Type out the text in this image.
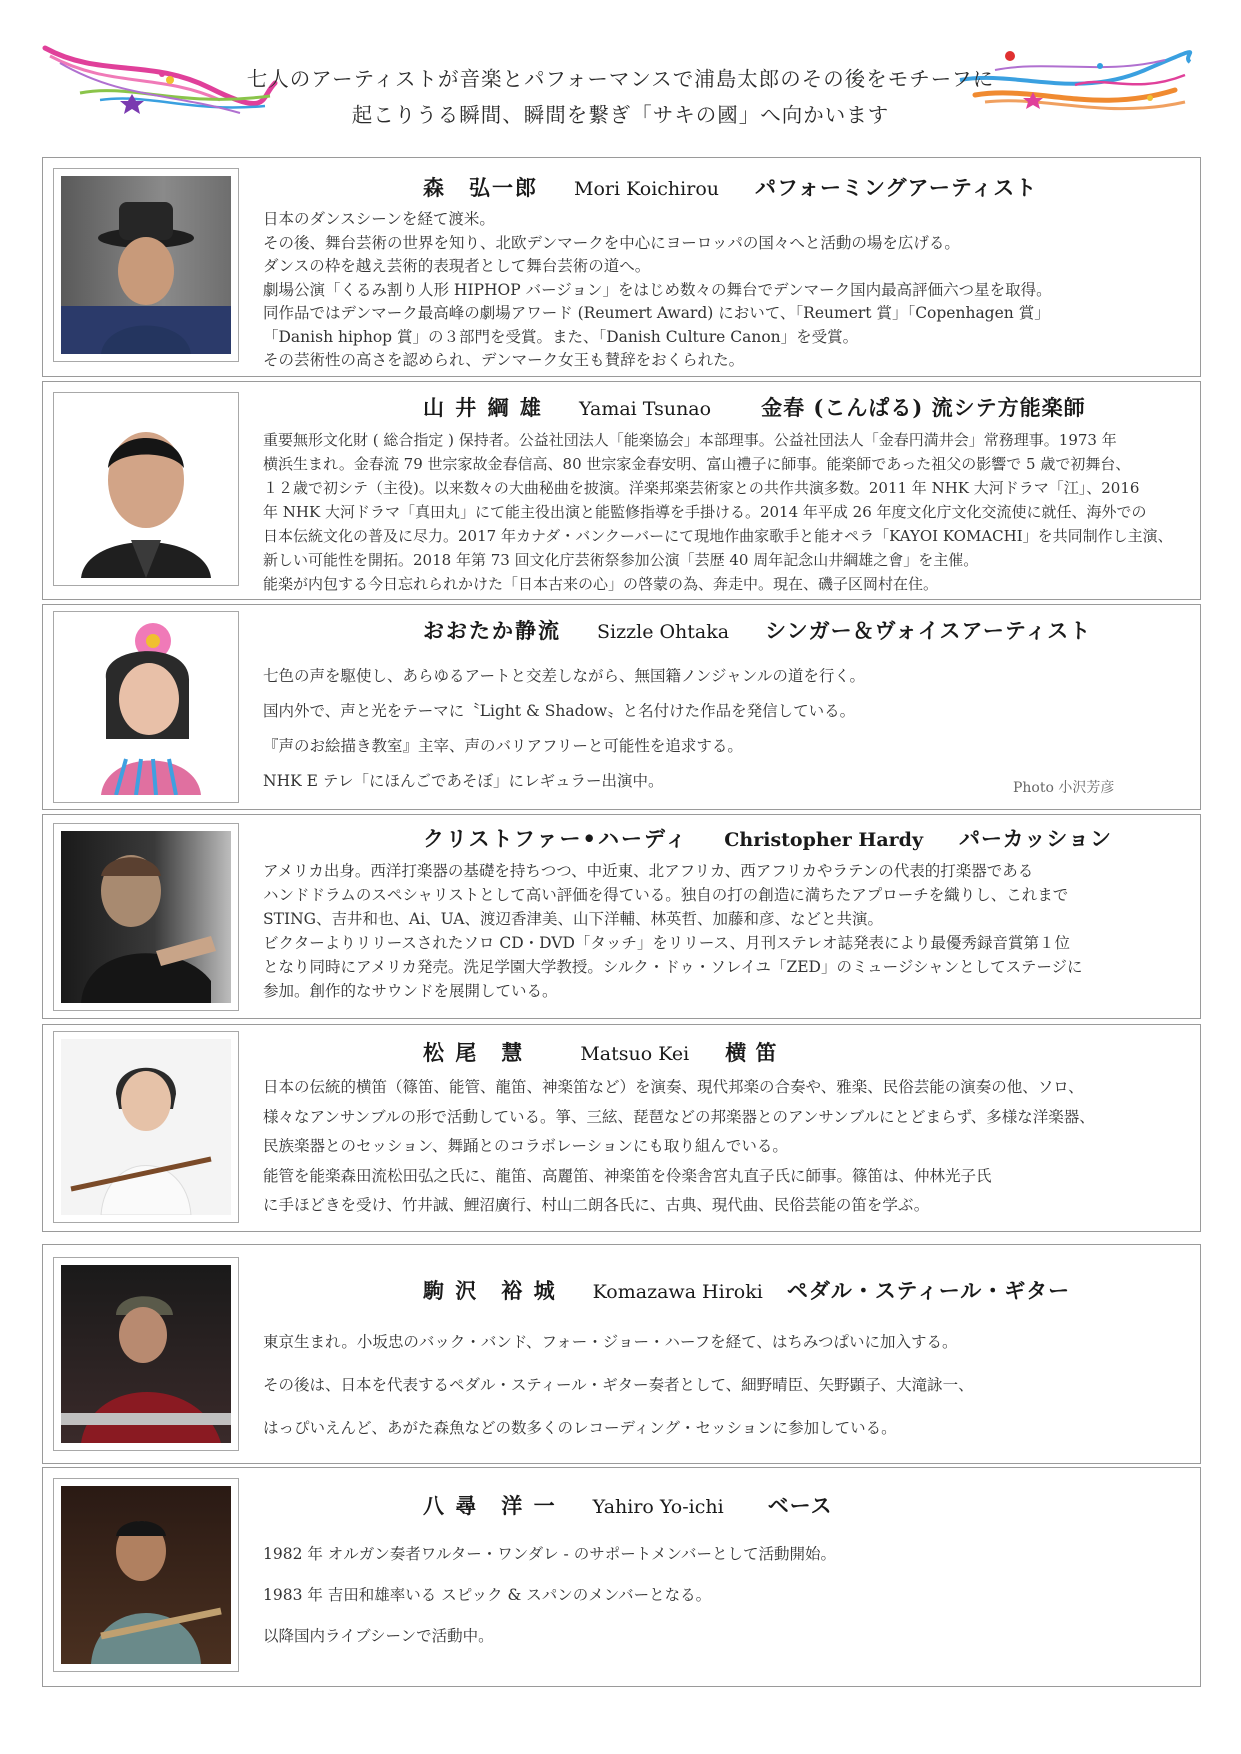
七人のアーティストが音楽とパフォーマンスで浦島太郎のその後をモチーフに
起こりうる瞬間、瞬間を繋ぎ「サキの國」へ向かいます
森　弘一郎 Mori Koichirou パフォーミングアーティスト

日本のダンスシーンを経て渡米。

その後、舞台芸術の世界を知り、北欧デンマークを中心にヨーロッパの国々へと活動の場を広げる。

ダンスの枠を越え芸術的表現者として舞台芸術の道へ。

劇場公演「くるみ割り人形 HIPHOP バージョン」をはじめ数々の舞台でデンマーク国内最高評価六つ星を取得。

同作品ではデンマーク最高峰の劇場アワード (Reumert Award) において、「Reumert 賞」「Copenhagen 賞」

「Danish hiphop 賞」の３部門を受賞。また、「Danish Culture Canon」を受賞。

その芸術性の高さを認められ、デンマーク女王も賛辞をおくられた。

山 井 綱 雄 Yamai Tsunao 金春 (こんぱる) 流シテ方能楽師

重要無形文化財 ( 総合指定 ) 保持者。公益社団法人「能楽協会」本部理事。公益社団法人「金春円満井会」常務理事。1973 年

横浜生まれ。金春流 79 世宗家故金春信高、80 世宗家金春安明、富山禮子に師事。能楽師であった祖父の影響で 5 歳で初舞台、

１２歳で初シテ（主役)。以来数々の大曲秘曲を披演。洋楽邦楽芸術家との共作共演多数。2011 年 NHK 大河ドラマ「江」、2016

年 NHK 大河ドラマ「真田丸」にて能主役出演と能監修指導を手掛ける。2014 年平成 26 年度文化庁文化交流使に就任、海外での

日本伝統文化の普及に尽力。2017 年カナダ・バンクーバーにて現地作曲家歌手と能オペラ「KAYOI KOMACHI」を共同制作し主演、

新しい可能性を開拓。2018 年第 73 回文化庁芸術祭参加公演「芸歴 40 周年記念山井綱雄之會」を主催。

能楽が内包する今日忘れられかけた「日本古来の心」の啓蒙の為、奔走中。現在、磯子区岡村在住。

おおたか静流 Sizzle Ohtaka シンガー＆ヴォイスアーティスト

七色の声を駆使し、あらゆるアートと交差しながら、無国籍ノンジャンルの道を行く。

国内外で、声と光をテーマに〝Light & Shadow〟と名付けた作品を発信している。

『声のお絵描き教室』主宰、声のバリアフリーと可能性を追求する。

NHK E テレ「にほんごであそぼ」にレギュラー出演中。	Photo 小沢芳彦
クリストファー•ハーディ Christopher Hardy パーカッション

アメリカ出身。西洋打楽器の基礎を持ちつつ、中近東、北アフリカ、西アフリカやラテンの代表的打楽器である

ハンドドラムのスペシャリストとして高い評価を得ている。独自の打の創造に満ちたアプローチを織りし、これまで

STING、吉井和也、Ai、UA、渡辺香津美、山下洋輔、林英哲、加藤和彦、などと共演。

ビクターよりリリースされたソロ CD・DVD「タッチ」をリリース、月刊ステレオ誌発表により最優秀録音賞第１位

となり同時にアメリカ発売。洗足学園大学教授。シルク・ドゥ・ソレイユ「ZED」のミュージシャンとしてステージに

参加。創作的なサウンドを展開している。

松 尾　慧	Matsuo Kei 横 笛

日本の伝統的横笛（篠笛、能管、龍笛、神楽笛など）を演奏、現代邦楽の合奏や、雅楽、民俗芸能の演奏の他、ソロ、

様々なアンサンブルの形で活動している。箏、三絃、琵琶などの邦楽器とのアンサンブルにとどまらず、多様な洋楽器、

民族楽器とのセッション、舞踊とのコラボレーションにも取り組んでいる。

能管を能楽森田流松田弘之氏に、龍笛、高麗笛、神楽笛を伶楽舎宮丸直子氏に師事。篠笛は、仲林光子氏

に手ほどきを受け、竹井誠、鯉沼廣行、村山二朗各氏に、古典、現代曲、民俗芸能の笛を学ぶ。

駒 沢　裕 城 Komazawa Hiroki ペダル・スティール・ギター

東京生まれ。小坂忠のバック・バンド、フォー・ジョー・ハーフを経て、はちみつぱいに加入する。

その後は、日本を代表するペダル・スティール・ギター奏者として、細野晴臣、矢野顕子、大滝詠一、

はっぴいえんど、あがた森魚などの数多くのレコーディング・セッションに参加している。

八 尋　洋 一 Yahiro Yo-ichi ベース

1982 年 オルガン奏者ワルター・ワンダレ - のサポートメンバーとして活動開始。

1983 年 吉田和雄率いる スピック & スパンのメンバーとなる。

以降国内ライブシーンで活動中。
